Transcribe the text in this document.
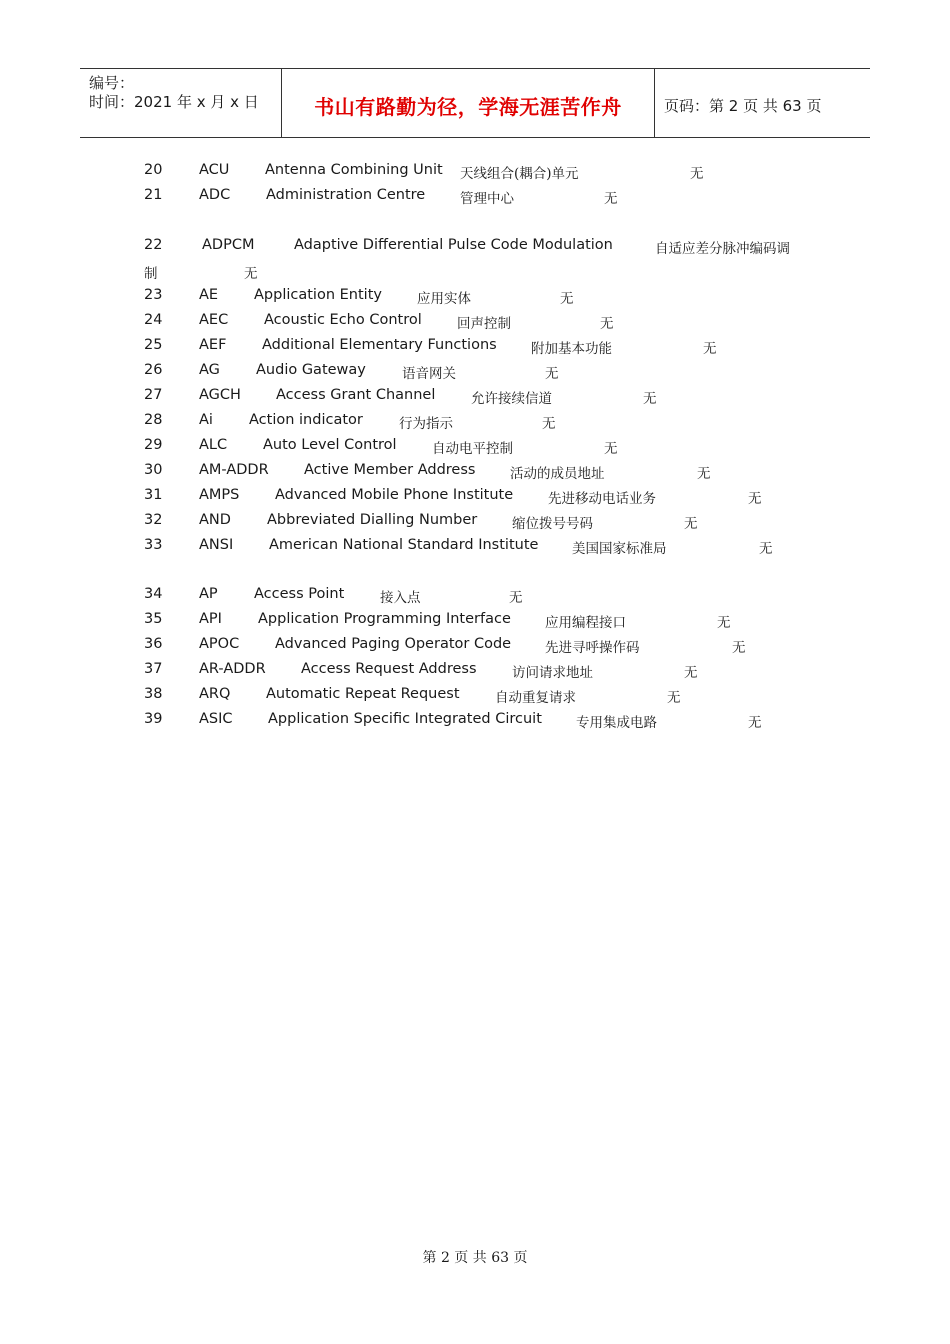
编号：
时间：2021 年 x 月 x 日	书山有路勤为径，学海无涯苦作舟	页码：第 2 页 共 63 页
20	ACU Antenna Combining Unit 天线组合(耦合)单元	无
21	ADC Administration Centre	管理中心	无
22	ADPCM	Adaptive Differential Pulse Code Modulation	自适应差分脉冲编码调
制	无
23	AE Application Entity	应用实体	无
24	AEC Acoustic Echo Control	回声控制	无
25	AEF Additional Elementary Functions	附加基本功能	无
26	AG Audio Gateway	语音网关	无
27	AGCH Access Grant Channel	允许接续信道	无
28	Ai Action indicator	行为指示	无
29	ALC Auto Level Control	自动电平控制	无
30	AM-ADDR Active Member Address	活动的成员地址	无
31	AMPS Advanced Mobile Phone Institute	先进移动电话业务	无
32	AND Abbreviated Dialling Number	缩位拨号号码	无
33	ANSI American National Standard Institute 美国国家标准局	无
34	AP	Access Point	接入点	无
35	API Application Programming Interface	应用编程接口	无
36	APOC Advanced Paging Operator Code	先进寻呼操作码	无
37	AR-ADDR Access Request Address	访问请求地址	无
38	ARQ Automatic Repeat Request	自动重复请求	无
39	ASIC Application Specific Integrated Circuit	专用集成电路	无
第 2 页 共 63 页
